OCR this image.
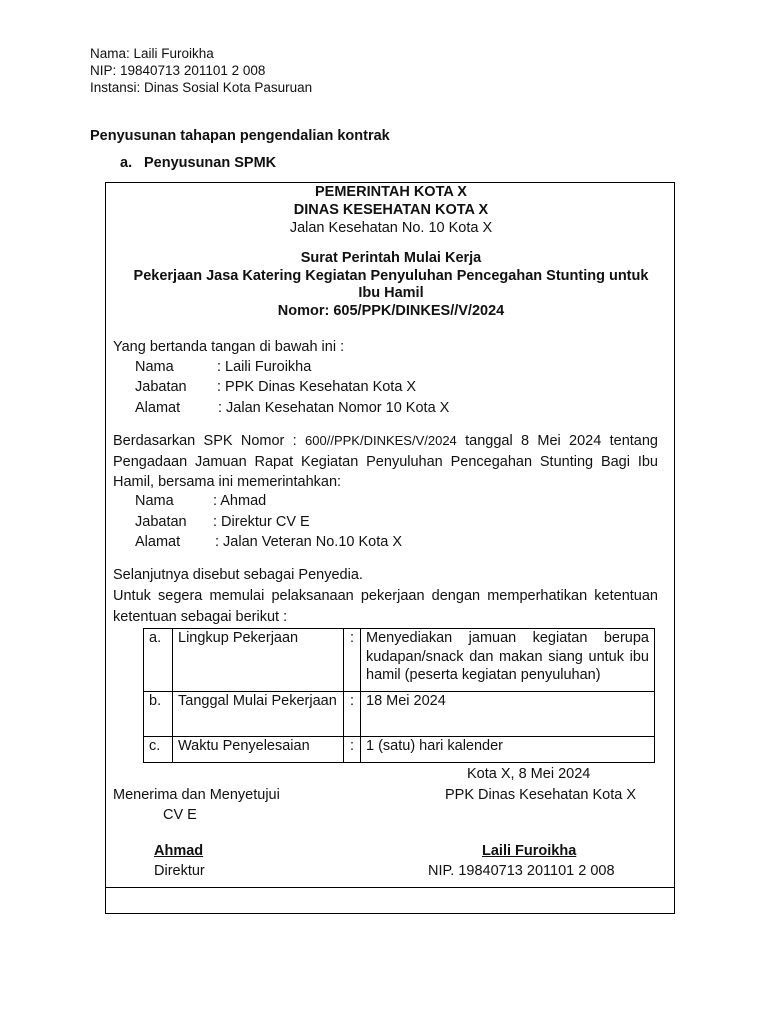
Nama: Laili Furoikha
NIP: 19840713 201101 2 008
Instansi: Dinas Sosial Kota Pasuruan
Penyusunan tahapan pengendalian kontrak
a. Penyusunan SPMK
PEMERINTAH KOTA X
DINAS KESEHATAN KOTA X
Jalan Kesehatan No. 10 Kota X
Surat Perintah Mulai Kerja
Pekerjaan Jasa Katering Kegiatan Penyuluhan Pencegahan Stunting untuk
Ibu Hamil
Nomor: 605/PPK/DINKES//V/2024
Yang bertanda tangan di bawah ini :
Nama	: Laili Furoikha
Jabatan : PPK Dinas Kesehatan Kota X
Alamat	: Jalan Kesehatan Nomor 10 Kota X
Berdasarkan SPK Nomor : 600//PPK/DINKES/V/2024 tanggal 8 Mei 2024 tentang Pengadaan Jamuan Rapat Kegiatan Penyuluhan Pencegahan Stunting Bagi Ibu Hamil, bersama ini memerintahkan:
Nama	: Ahmad
Jabatan : Direktur CV E
Alamat : Jalan Veteran No.10 Kota X
Selanjutnya disebut sebagai Penyedia.
Untuk segera memulai pelaksanaan pekerjaan dengan memperhatikan ketentuan ketentuan sebagai berikut :
a.	Lingkup Pekerjaan	:	Menyediakan jamuan kegiatan berupa kudapan/snack dan makan siang untuk ibu hamil (peserta kegiatan penyuluhan)
b.	Tanggal Mulai Pekerjaan	:	18 Mei 2024
c.	Waktu Penyelesaian	:	1 (satu) hari kalender
Kota X, 8 Mei 2024
Menerima dan Menyetujui	PPK Dinas Kesehatan Kota X
CV E
Ahmad	Laili Furoikha
Direktur	NIP. 19840713 201101 2 008
